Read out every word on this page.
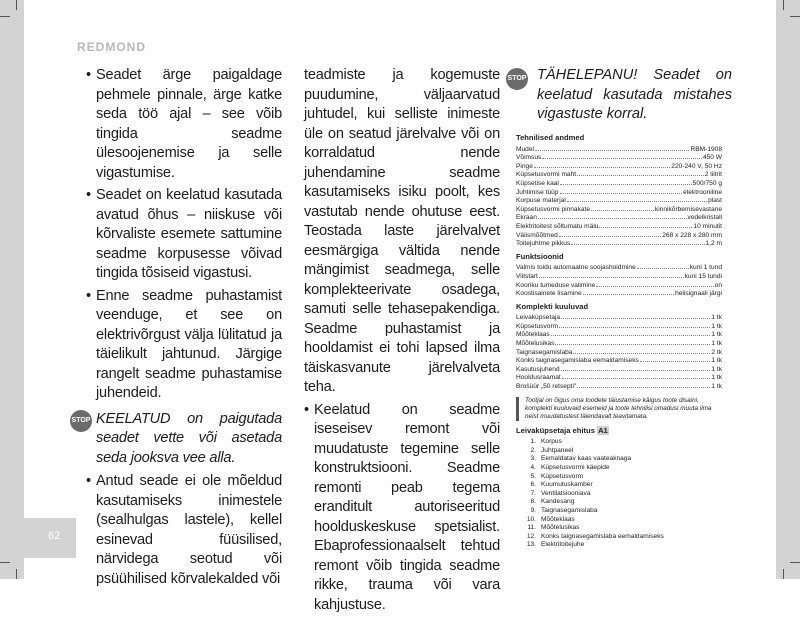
62
REDMOND

• Seadet ärge paigaldage pehmele pinnale, ärge katke seda töö ajal – see võib tingida seadme ülesoojenemise ja selle vigastumise.

• Seadet on keelatud kasutada avatud õhus – niiskuse või kõrvaliste esemete sattumine seadme korpusesse võivad tingida tõsiseid vigastusi.

• Enne seadme puhastamist veenduge, et see on elektrivõrgust välja lülitatud ja täielikult jahtunud. Järgige rangelt seadme puhastamise juhendeid.

STOP KEELATUD on paigutada seadet vette või asetada seda jooksva vee alla.

• Antud seade ei ole mõeldud kasutamiseks inimestele (sealhulgas lastele), kellel esinevad füüsilised, närvidega seotud või psüühilised kõrvalekalded või

teadmiste ja kogemuste puudumine, väljaarvatud juhtudel, kui selliste inimeste üle on seatud järelvalve või on korraldatud nende juhendamine seadme kasutamiseks isiku poolt, kes vastutab nende ohutuse eest. Teostada laste järelvalvet eesmärgiga vältida nende mängimist seadmega, selle komplekteerivate osadega, samuti selle tehasepakendiga. Seadme puhastamist ja hooldamist ei tohi lapsed ilma täiskasvanute järelvalveta teha.

• Keelatud on seadme iseseisev remont või muudatuste tegemine selle konstruktsiooni. Seadme remonti peab tegema eranditult autoriseeritud hoolduskeskuse spetsialist. Ebaprofessionaalselt tehtud remont võib tingida seadme rikke, trauma või vara kahjustuse.

STOP TÄHELEPANU! Seadet on keelatud kasutada mistahes vigastuste korral.
Tehnilised andmed
Mudel	RBM-1908
Võimsus	450 W
Pinge	220-240 V, 50 Hz
Küpsetusvormi maht	2 liitrit
Küpsetise kaal	500/750 g
Juhtimise tüüp	elektrooniline
Korpuse materjal	plast
Küpsetusvormi pinnakate	kinnikõrbemisevastane
Ekraan	vedelkristall
Elektritoitest sõltumatu mälu	10 minutit
Välismõõtmed	268 x 228 x 280 mm
Toitejuhtme pikkus	1,2 m
Funktsioonid
Valmis toidu automaatne soojashoidmine	kuni 1 tund
Viitstart	kuni 15 tundi
Kooriku tumeduse valimine	on
Koostisainete lisamine	helisignaali järgi
Komplekti kuuluvad
Leivaküpsetaja	1 tk
Küpsetusvorm	1 tk
Mõõteklaas	1 tk
Mõõtelusikas	1 tk
Taignasegamislaba	2 tk
Konks taignasegamislaba eemaldamiseks	1 tk
Kasutusjuhend	1 tk
Hooldusraamat	1 tk
Brošüür „50 retsepti"	1 tk
Tootjal on õigus oma toodete täiustamise käigus toote disaini, komplekti kuuluvaid esemeid ja toote tehnilisi omadusi muuta ilma neist muudatustest täiendavalt teavitamata.
Leivaküpsetaja ehitus A1
1. Korpus
2. Juhtpaneel
3. Eemaldatav kaas vaateaknaga
4. Küpsetusvormi käepide
5. Küpsetusvorm
6. Kuumutuskamber
7. Ventilatsiooniava
8. Kandesang
9. Taignasegamislaba
10. Mõõteklaas
11. Mõõtelusikas
12. Konks taignasegamislaba eemaldamiseks
13. Elektritoitejuhe
